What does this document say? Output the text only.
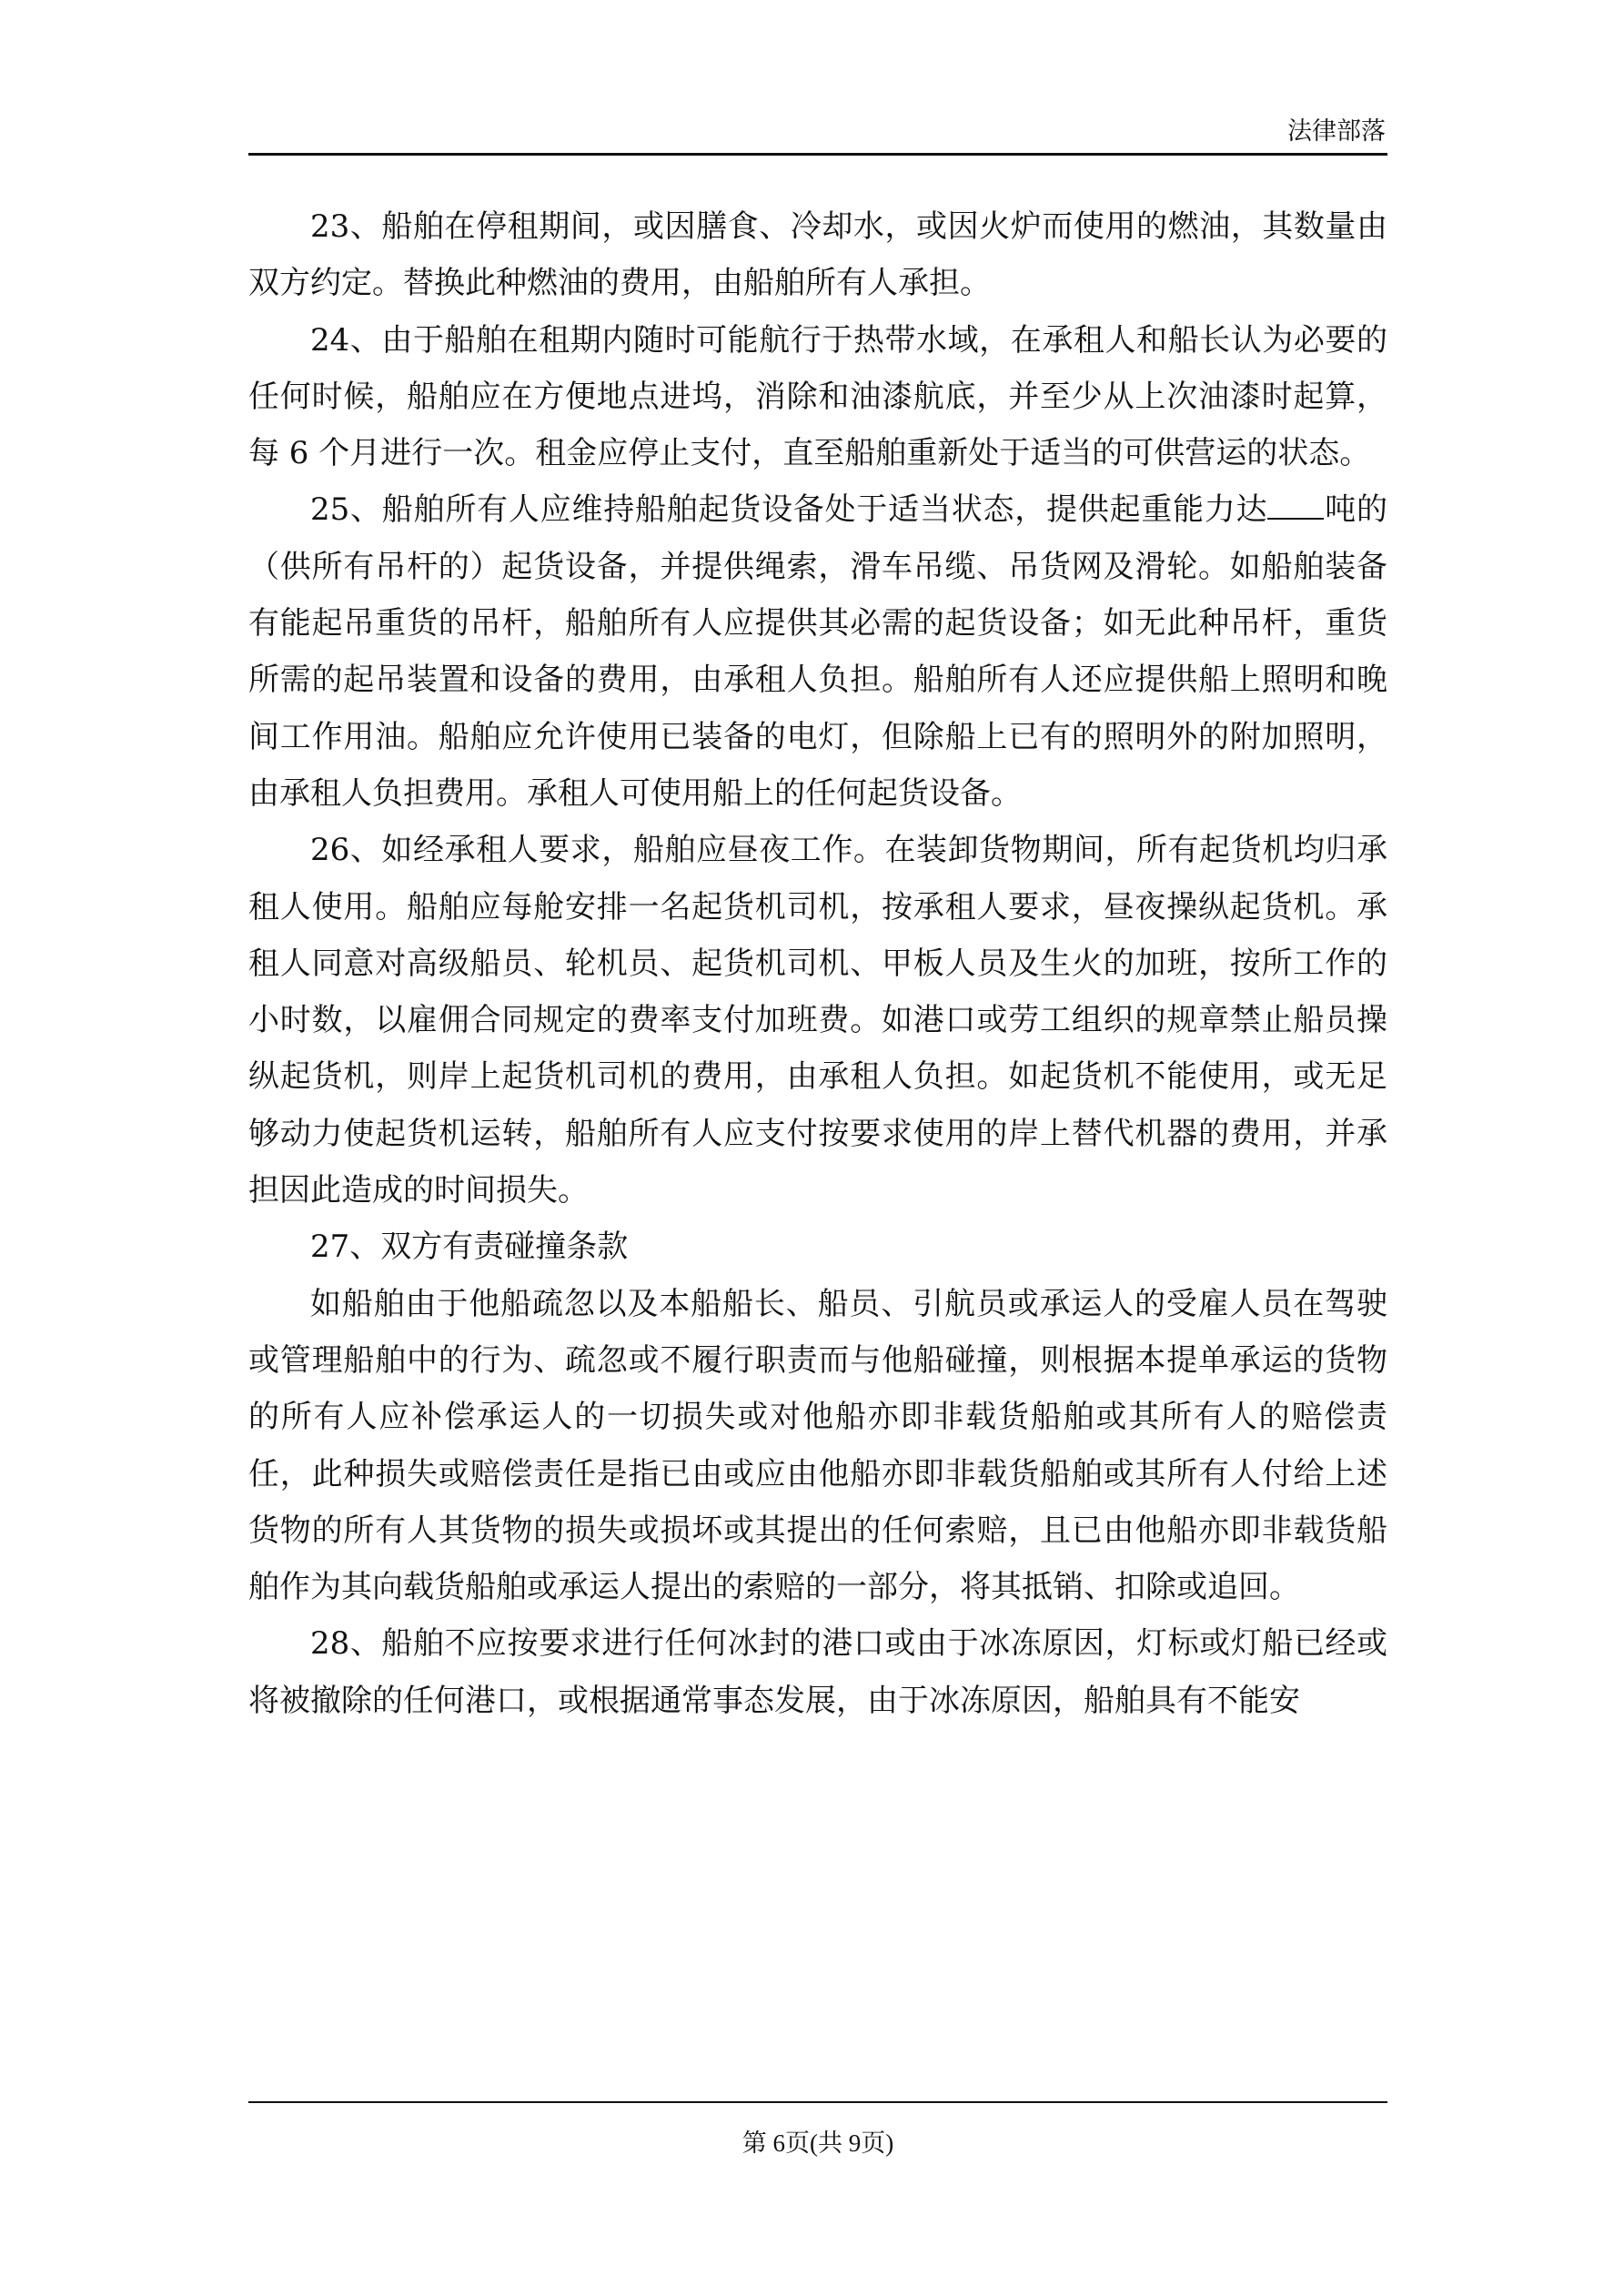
法律部落

23、船舶在停租期间，或因膳食、冷却水，或因火炉而使用的燃油，其数量由双方约定。替换此种燃油的费用，由船舶所有人承担。

24、由于船舶在租期内随时可能航行于热带水域，在承租人和船长认为必要的任何时候，船舶应在方便地点进坞，消除和油漆航底，并至少从上次油漆时起算，每 6 个月进行一次。租金应停止支付，直至船舶重新处于适当的可供营运的状态。

25、船舶所有人应维持船舶起货设备处于适当状态，提供起重能力达 吨的（供所有吊杆的）起货设备，并提供绳索，滑车吊缆、吊货网及滑轮。如船舶装备有能起吊重货的吊杆，船舶所有人应提供其必需的起货设备；如无此种吊杆，重货所需的起吊装置和设备的费用，由承租人负担。船舶所有人还应提供船上照明和晚间工作用油。船舶应允许使用已装备的电灯，但除船上已有的照明外的附加照明，由承租人负担费用。承租人可使用船上的任何起货设备。

26、如经承租人要求，船舶应昼夜工作。在装卸货物期间，所有起货机均归承租人使用。船舶应每舱安排一名起货机司机，按承租人要求，昼夜操纵起货机。承租人同意对高级船员、轮机员、起货机司机、甲板人员及生火的加班，按所工作的小时数，以雇佣合同规定的费率支付加班费。如港口或劳工组织的规章禁止船员操纵起货机，则岸上起货机司机的费用，由承租人负担。如起货机不能使用，或无足够动力使起货机运转，船舶所有人应支付按要求使用的岸上替代机器的费用，并承担因此造成的时间损失。

27、双方有责碰撞条款

如船舶由于他船疏忽以及本船船长、船员、引航员或承运人的受雇人员在驾驶或管理船舶中的行为、疏忽或不履行职责而与他船碰撞，则根据本提单承运的货物的所有人应补偿承运人的一切损失或对他船亦即非载货船舶或其所有人的赔偿责任，此种损失或赔偿责任是指已由或应由他船亦即非载货船舶或其所有人付给上述货物的所有人其货物的损失或损坏或其提出的任何索赔，且已由他船亦即非载货船舶作为其向载货船舶或承运人提出的索赔的一部分，将其抵销、扣除或追回。

28、船舶不应按要求进行任何冰封的港口或由于冰冻原因，灯标或灯船已经或将被撤除的任何港口，或根据通常事态发展，由于冰冻原因，船舶具有不能安

第 6页(共 9页)
